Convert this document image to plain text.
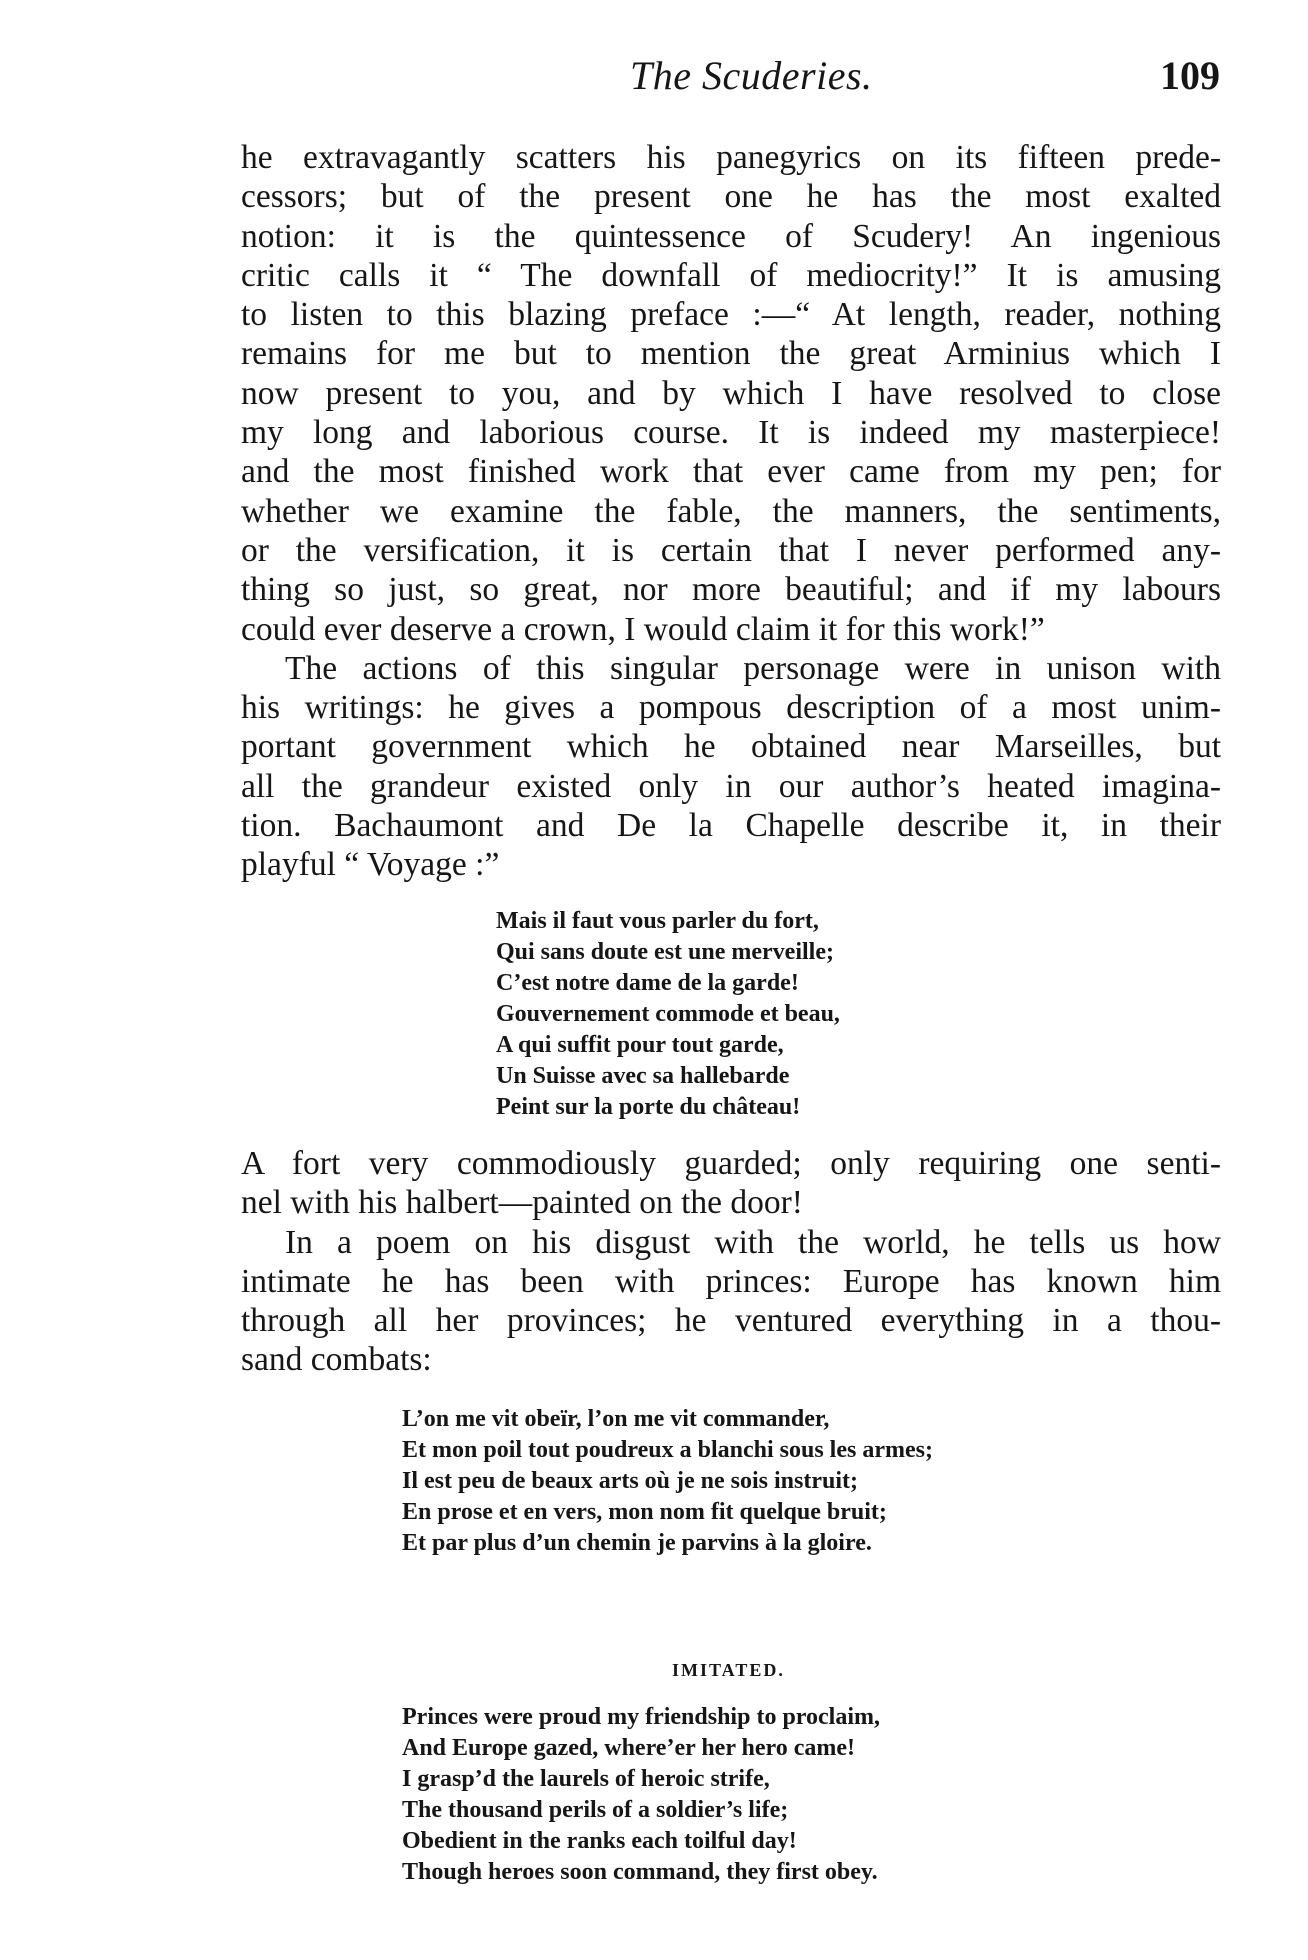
The Scuderies.	109
he extravagantly scatters his panegyrics on its fifteen prede-
cessors; but of the present one he has the most exalted
notion: it is the quintessence of Scudery! An ingenious
critic calls it “ The downfall of mediocrity!” It is amusing
to listen to this blazing preface :—“ At length, reader, nothing
remains for me but to mention the great Arminius which I
now present to you, and by which I have resolved to close
my long and laborious course. It is indeed my masterpiece!
and the most finished work that ever came from my pen; for
whether we examine the fable, the manners, the sentiments,
or the versification, it is certain that I never performed any-
thing so just, so great, nor more beautiful; and if my labours
could ever deserve a crown, I would claim it for this work!”
The actions of this singular personage were in unison with
his writings: he gives a pompous description of a most unim-
portant government which he obtained near Marseilles, but
all the grandeur existed only in our author’s heated imagina-
tion. Bachaumont and De la Chapelle describe it, in their
playful “ Voyage :”
Mais il faut vous parler du fort,
Qui sans doute est une merveille;
C’est notre dame de la garde!
Gouvernement commode et beau,
A qui suffit pour tout garde,
Un Suisse avec sa hallebarde
Peint sur la porte du château!
A fort very commodiously guarded; only requiring one senti-
nel with his halbert—painted on the door!
In a poem on his disgust with the world, he tells us how
intimate he has been with princes: Europe has known him
through all her provinces; he ventured everything in a thou-
sand combats:
L’on me vit obeïr, l’on me vit commander,
Et mon poil tout poudreux a blanchi sous les armes;
Il est peu de beaux arts où je ne sois instruit;
En prose et en vers, mon nom fit quelque bruit;
Et par plus d’un chemin je parvins à la gloire.
IMITATED.
Princes were proud my friendship to proclaim,
And Europe gazed, where’er her hero came!
I grasp’d the laurels of heroic strife,
The thousand perils of a soldier’s life;
Obedient in the ranks each toilful day!
Though heroes soon command, they first obey.
